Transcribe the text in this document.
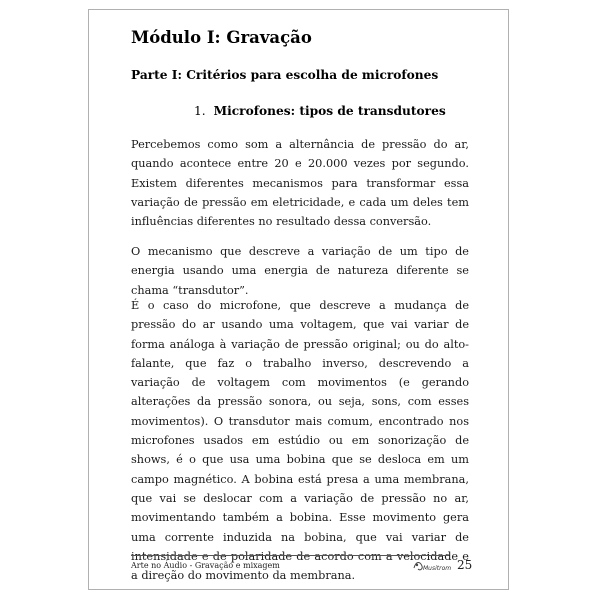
Módulo I: Gravação
Parte I: Critérios para escolha de microfones
1. Microfones: tipos de transdutores

Percebemos como som a alternância de pressão do ar, quando acontece entre 20 e 20.000 vezes por segundo. Existem diferentes mecanismos para transformar essa variação de pressão em eletricidade, e cada um deles tem influências diferentes no resultado dessa conversão.

O mecanismo que descreve a variação de um tipo de energia usando uma energia de natureza diferente se chama “transdutor”.

É o caso do microfone, que descreve a mudança de pressão do ar usando uma voltagem, que vai variar de forma análoga à variação de pressão original; ou do alto-falante, que faz o trabalho inverso, descrevendo a variação de voltagem com movimentos (e gerando alterações da pressão sonora, ou seja, sons, com esses movimentos). O transdutor mais comum, encontrado nos microfones usados em estúdio ou em sonorização de shows, é o que usa uma bobina que se desloca em um campo magnético. A bobina está presa a uma membrana, que vai se deslocar com a variação de pressão no ar, movimentando também a bobina. Esse movimento gera uma corrente induzida na bobina, que vai variar de intensidade e de polaridade de acordo com a velocidade e a direção do movimento da membrana.

Arte no Áudio - Gravação e mixagem	Musitrom 25
